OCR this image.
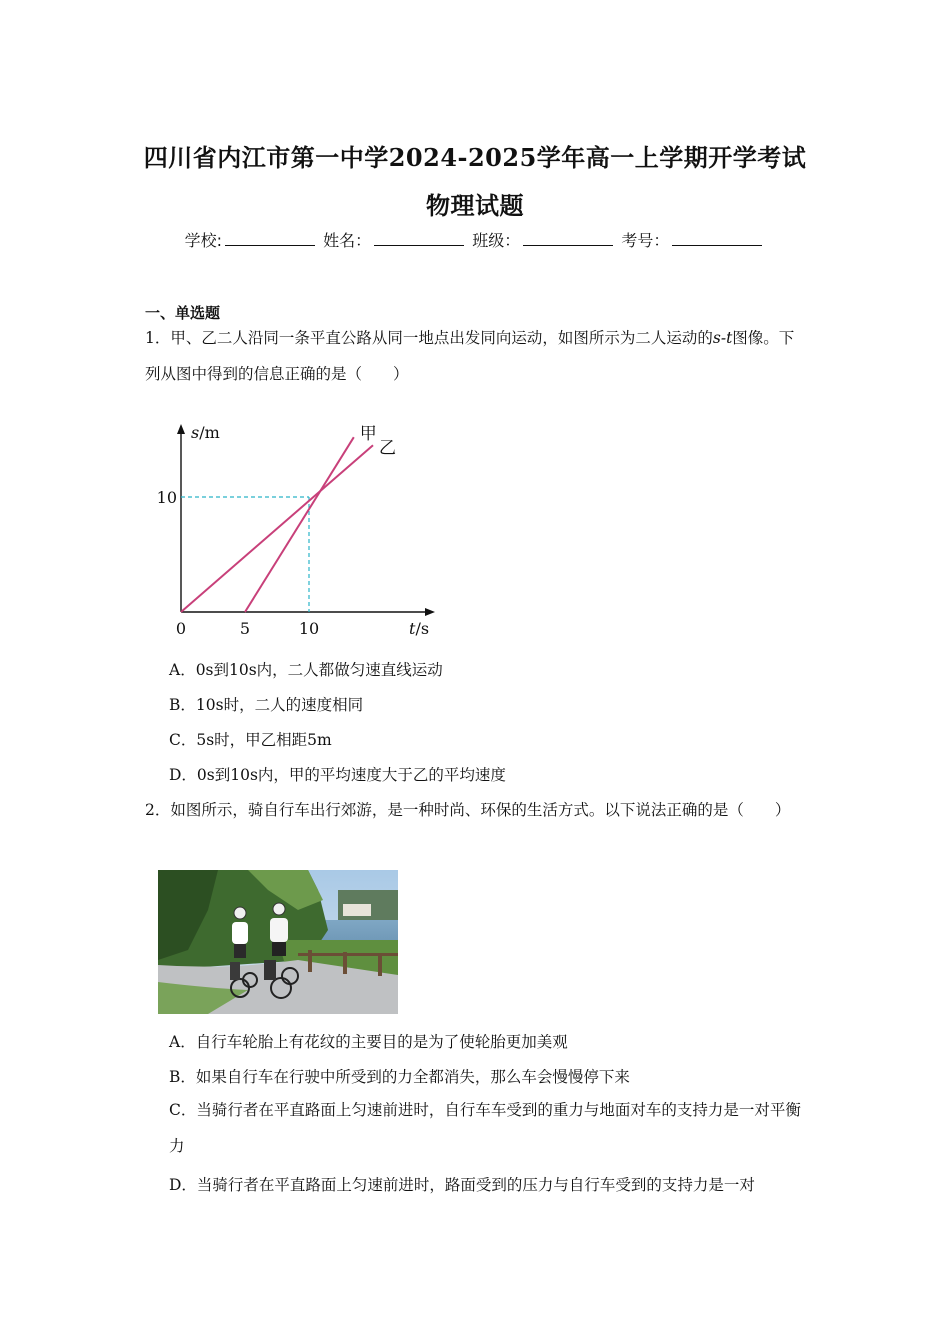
四川省内江市第一中学2024-2025学年高一上学期开学考试
物理试题
学校:	姓名：	班级：	考号：
一、单选题
1．甲、乙二人沿同一条平直公路从同一地点出发同向运动，如图所示为二人运动的s-t图像。下列从图中得到的信息正确的是（　　）
甲
乙
0	5	10
10
s/m
t/s
A．0s到10s内，二人都做匀速直线运动
B．10s时，二人的速度相同
C．5s时，甲乙相距5m
D．0s到10s内，甲的平均速度大于乙的平均速度
2．如图所示，骑自行车出行郊游，是一种时尚、环保的生活方式。以下说法正确的是（　　）
A．自行车轮胎上有花纹的主要目的是为了使轮胎更加美观
B．如果自行车在行驶中所受到的力全都消失，那么车会慢慢停下来
C．当骑行者在平直路面上匀速前进时，自行车车受到的重力与地面对车的支持力是一对平衡力
D．当骑行者在平直路面上匀速前进时，路面受到的压力与自行车受到的支持力是一对
